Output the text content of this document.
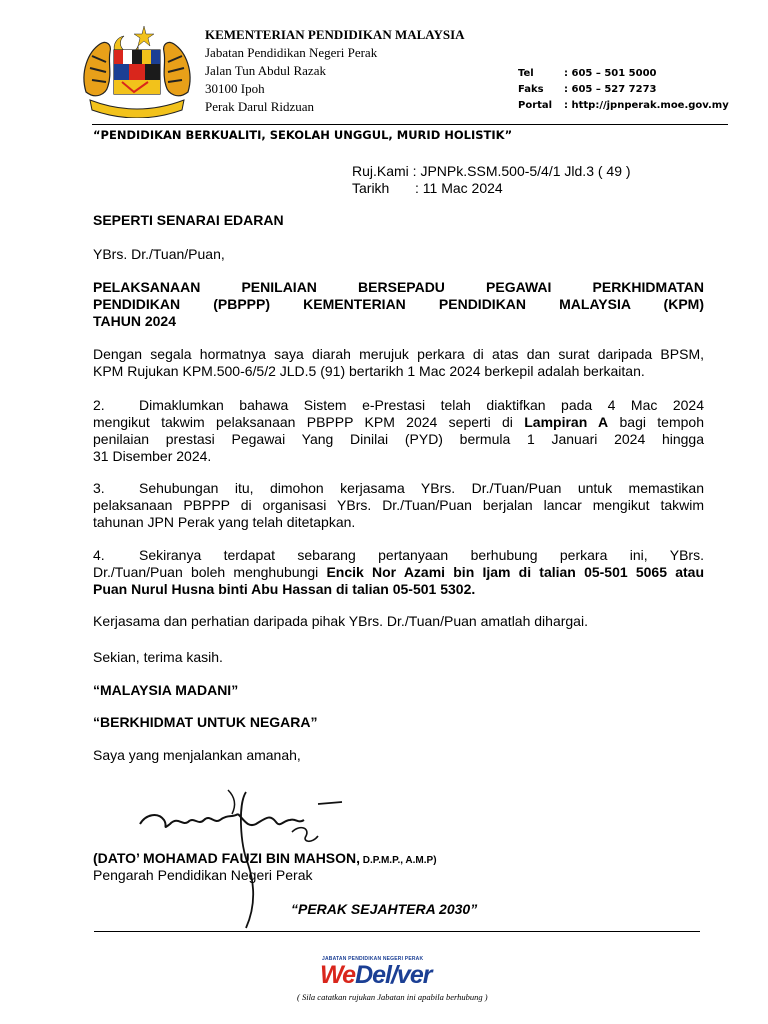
KEMENTERIAN PENDIDIKAN MALAYSIA
Jabatan Pendidikan Negeri Perak
Jalan Tun Abdul Razak
30100 Ipoh
Perak Darul Ridzuan
Tel	: 605 – 501 5000
Faks : 605 – 527 7273
Portal : http://jpnperak.moe.gov.my
“PENDIDIKAN BERKUALITI, SEKOLAH UNGGUL, MURID HOLISTIK”
Ruj.Kami : JPNPk.SSM.500-5/4/1 Jld.3 ( 49 )
Tarikh : 11 Mac 2024
SEPERTI SENARAI EDARAN
YBrs. Dr./Tuan/Puan,
PELAKSANAAN PENILAIAN BERSEPADU PEGAWAI PERKHIDMATAN
PENDIDIKAN (PBPPP) KEMENTERIAN PENDIDIKAN MALAYSIA (KPM)
TAHUN 2024
Dengan segala hormatnya saya diarah merujuk perkara di atas dan surat daripada BPSM,
KPM Rujukan KPM.500-6/5/2 JLD.5 (91) bertarikh 1 Mac 2024 berkepil adalah berkaitan.
2. Dimaklumkan bahawa Sistem e-Prestasi telah diaktifkan pada 4 Mac 2024
mengikut takwim pelaksanaan PBPPP KPM 2024 seperti di Lampiran A bagi tempoh
penilaian prestasi Pegawai Yang Dinilai (PYD) bermula 1 Januari 2024 hingga
31 Disember 2024.
3. Sehubungan itu, dimohon kerjasama YBrs. Dr./Tuan/Puan untuk memastikan
pelaksanaan PBPPP di organisasi YBrs. Dr./Tuan/Puan berjalan lancar mengikut takwim
tahunan JPN Perak yang telah ditetapkan.
4. Sekiranya terdapat sebarang pertanyaan berhubung perkara ini, YBrs.
Dr./Tuan/Puan boleh menghubungi Encik Nor Azami bin Ijam di talian 05-501 5065 atau
Puan Nurul Husna binti Abu Hassan di talian 05-501 5302.
Kerjasama dan perhatian daripada pihak YBrs. Dr./Tuan/Puan amatlah dihargai.
Sekian, terima kasih.
“MALAYSIA MADANI”
“BERKHIDMAT UNTUK NEGARA”
Saya yang menjalankan amanah,
(DATO’ MOHAMAD FAUZI BIN MAHSON, D.P.M.P., A.M.P)
Pengarah Pendidikan Negeri Perak
“PERAK SEJAHTERA 2030”
JABATAN PENDIDIKAN NEGERI PERAK
WeDel/ver
( Sila catatkan rujukan Jabatan ini apabila berhubung )
